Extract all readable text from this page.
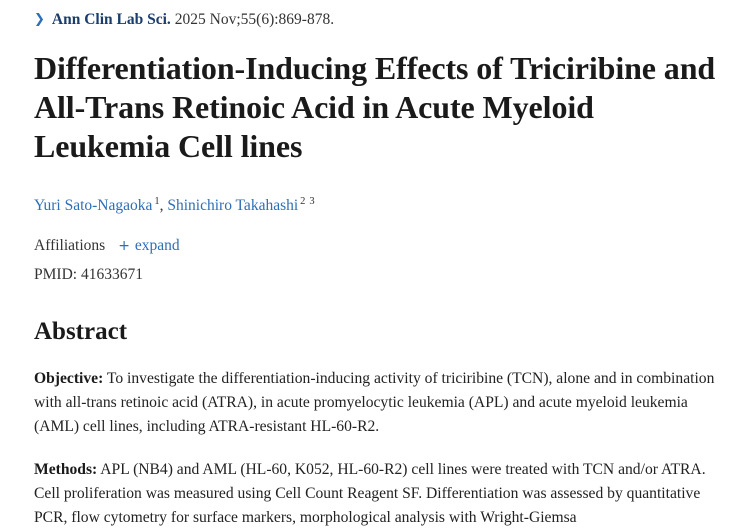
❯ Ann Clin Lab Sci. 2025 Nov;55(6):869-878.
Differentiation-Inducing Effects of Triciribine and All-Trans Retinoic Acid in Acute Myeloid Leukemia Cell lines
Yuri Sato-Nagaoka $^1$, Shinichiro Takahashi $^2$ $^3$
Affiliations + expand
PMID: 41633671
Abstract

Objective: To investigate the differentiation-inducing activity of triciribine (TCN), alone and in combination with all-trans retinoic acid (ATRA), in acute promyelocytic leukemia (APL) and acute myeloid leukemia (AML) cell lines, including ATRA-resistant HL-60-R2.

Methods: APL (NB4) and AML (HL-60, K052, HL-60-R2) cell lines were treated with TCN and/or ATRA. Cell proliferation was measured using Cell Count Reagent SF. Differentiation was assessed by quantitative PCR, flow cytometry for surface markers, morphological analysis with Wright-Giemsa
